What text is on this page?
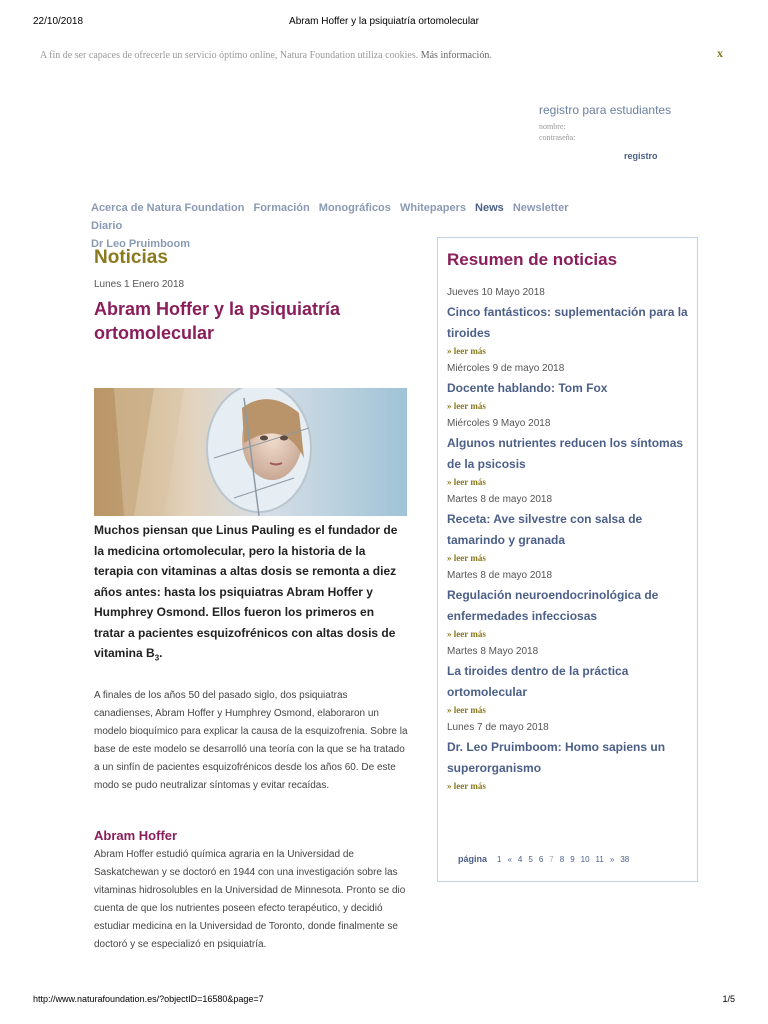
22/10/2018	Abram Hoffer y la psiquiatría ortomolecular
A fin de ser capaces de ofrecerle un servicio óptimo online, Natura Foundation utiliza cookies. Más información.	x
registro para estudiantes
nombre:
contraseña:
registro
Acerca de Natura Foundation Formación Monográficos Whitepapers News Newsletter Diario
Dr Leo Pruimboom
Noticias
Lunes 1 Enero 2018
Abram Hoffer y la psiquiatría ortomolecular

Muchos piensan que Linus Pauling es el fundador de la medicina ortomolecular, pero la historia de la terapia con vitaminas a altas dosis se remonta a diez años antes: hasta los psiquiatras Abram Hoffer y Humphrey Osmond. Ellos fueron los primeros en tratar a pacientes esquizofrénicos con altas dosis de vitamina $B_3$.

A finales de los años 50 del pasado siglo, dos psiquiatras canadienses, Abram Hoffer y Humphrey Osmond, elaboraron un modelo bioquímico para explicar la causa de la esquizofrenia. Sobre la base de este modelo se desarrolló una teoría con la que se ha tratado a un sinfín de pacientes esquizofrénicos desde los años 60. De este modo se pudo neutralizar síntomas y evitar recaídas.

Abram Hoffer

Abram Hoffer estudió química agraria en la Universidad de Saskatchewan y se doctoró en 1944 con una investigación sobre las vitaminas hidrosolubles en la Universidad de Minnesota. Pronto se dio cuenta de que los nutrientes poseen efecto terapéutico, y decidió estudiar medicina en la Universidad de Toronto, donde finalmente se doctoró y se especializó en psiquiatría.

Resumen de noticias
Jueves 10 Mayo 2018
Cinco fantásticos: suplementación para la tiroides
» leer más
Miércoles 9 de mayo 2018
Docente hablando: Tom Fox
» leer más
Miércoles 9 Mayo 2018
Algunos nutrientes reducen los síntomas de la psicosis
» leer más
Martes 8 de mayo 2018
Receta: Ave silvestre con salsa de tamarindo y granada
» leer más
Martes 8 de mayo 2018
Regulación neuroendocrinológica de enfermedades infecciosas
» leer más
Martes 8 Mayo 2018
La tiroides dentro de la práctica ortomolecular
» leer más
Lunes 7 de mayo 2018
Dr. Leo Pruimboom: Homo sapiens un superorganismo
» leer más
página 1 « 4 5 6 7 8 9 10 11 » 38
http://www.naturafoundation.es/?objectID=16580&page=7	1/5
